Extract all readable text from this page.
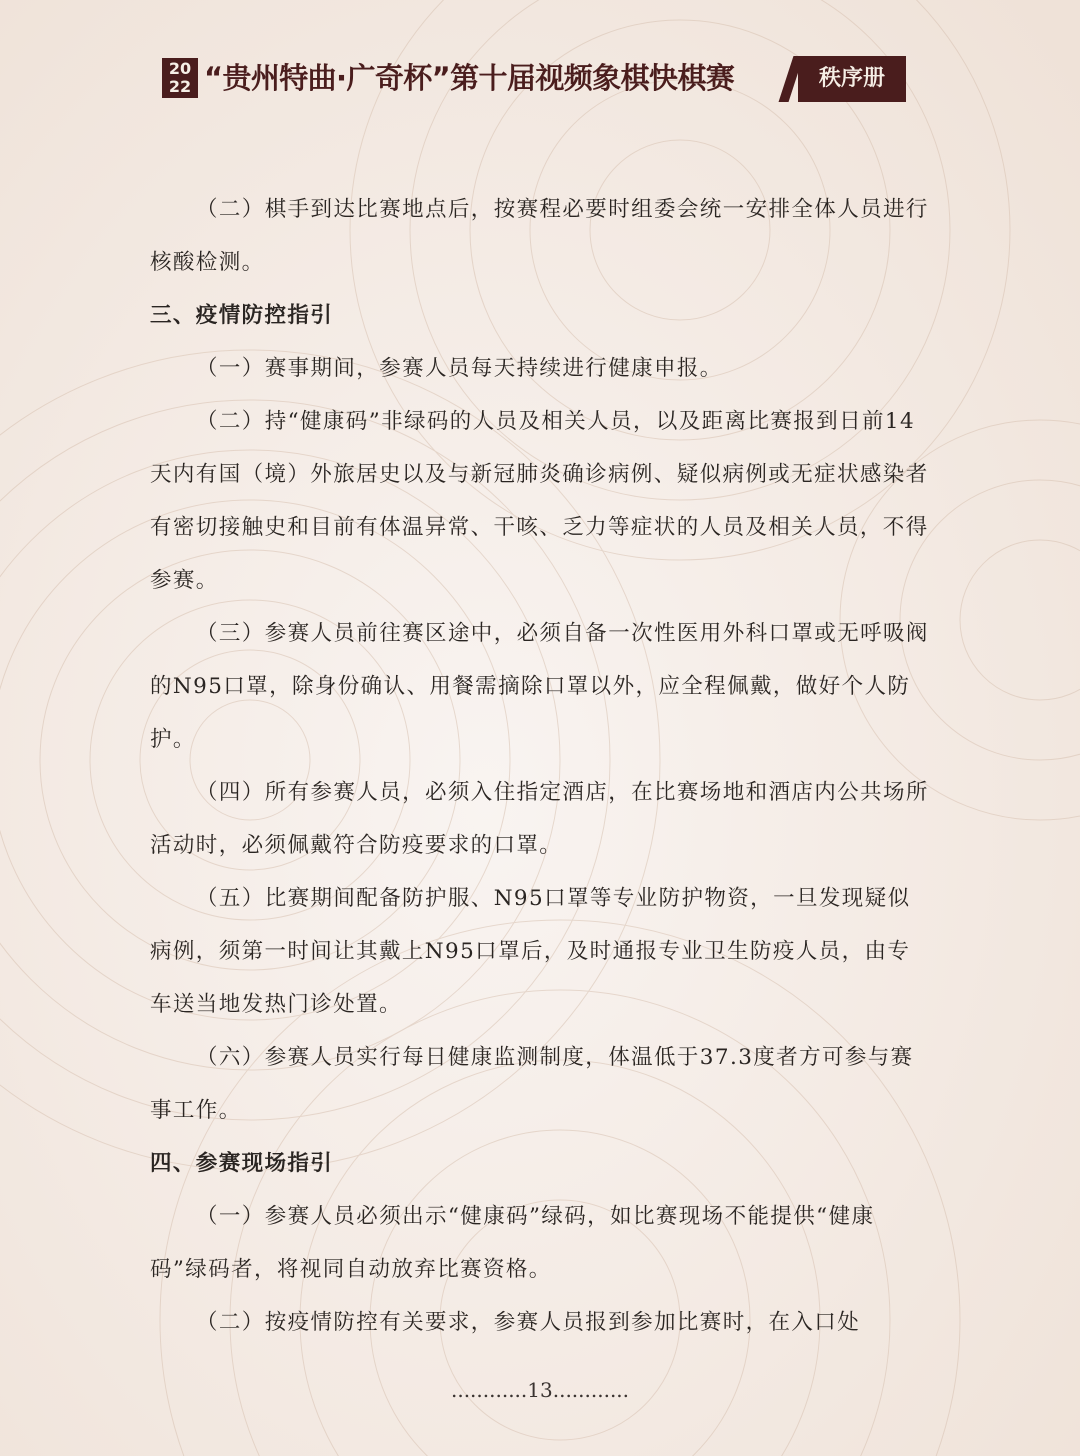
20
22 “贵州特曲·广奇杯”第十届视频象棋快棋赛	秩序册

（二）棋手到达比赛地点后，按赛程必要时组委会统一安排全体人员进行核酸检测。

三、疫情防控指引

（一）赛事期间，参赛人员每天持续进行健康申报。

（二）持“健康码”非绿码的人员及相关人员，以及距离比赛报到日前14天内有国（境）外旅居史以及与新冠肺炎确诊病例、疑似病例或无症状感染者有密切接触史和目前有体温异常、干咳、乏力等症状的人员及相关人员，不得参赛。

（三）参赛人员前往赛区途中，必须自备一次性医用外科口罩或无呼吸阀的N95口罩，除身份确认、用餐需摘除口罩以外，应全程佩戴，做好个人防护。

（四）所有参赛人员，必须入住指定酒店，在比赛场地和酒店内公共场所活动时，必须佩戴符合防疫要求的口罩。

（五）比赛期间配备防护服、N95口罩等专业防护物资，一旦发现疑似病例，须第一时间让其戴上N95口罩后，及时通报专业卫生防疫人员，由专车送当地发热门诊处置。

（六）参赛人员实行每日健康监测制度，体温低于37.3度者方可参与赛事工作。

四、参赛现场指引

（一）参赛人员必须出示“健康码”绿码，如比赛现场不能提供“健康码”绿码者，将视同自动放弃比赛资格。

（二）按疫情防控有关要求，参赛人员报到参加比赛时，在入口处

............13............
